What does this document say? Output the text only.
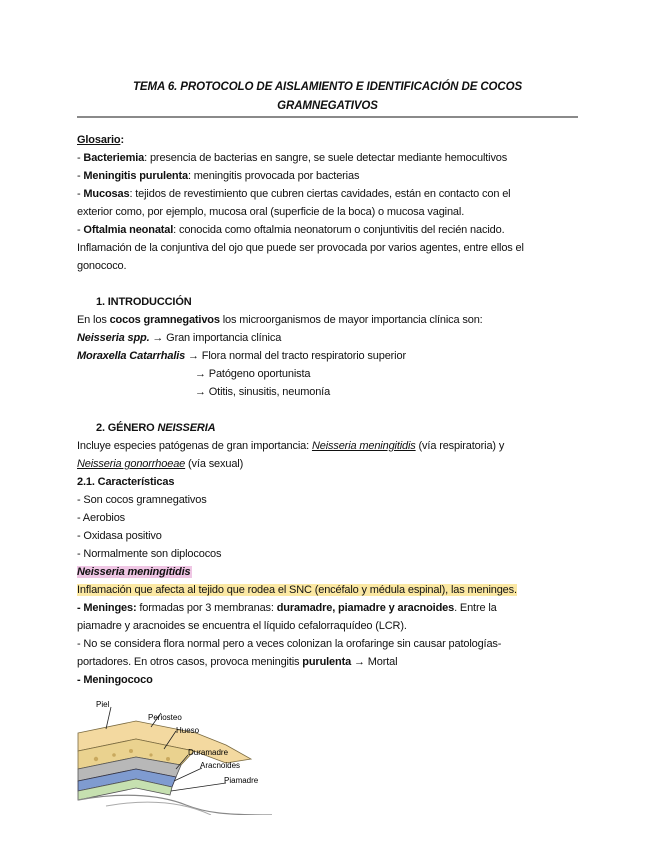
TEMA 6. PROTOCOLO DE AISLAMIENTO E IDENTIFICACIÓN DE COCOS
GRAMNEGATIVOS
Glosario:
- Bacteriemia: presencia de bacterias en sangre, se suele detectar mediante hemocultivos
- Meningitis purulenta: meningitis provocada por bacterias
- Mucosas: tejidos de revestimiento que cubren ciertas cavidades, están en contacto con el
exterior como, por ejemplo, mucosa oral (superficie de la boca) o mucosa vaginal.
- Oftalmia neonatal: conocida como oftalmia neonatorum o conjuntivitis del recién nacido.
Inflamación de la conjuntiva del ojo que puede ser provocada por varios agentes, entre ellos el
gonococo.
1. INTRODUCCIÓN
En los cocos gramnegativos los microorganismos de mayor importancia clínica son:
Neisseria spp. → Gran importancia clínica
Moraxella Catarrhalis → Flora normal del tracto respiratorio superior
→ Patógeno oportunista
→ Otitis, sinusitis, neumonía
2. GÉNERO NEISSERIA
Incluye especies patógenas de gran importancia: Neisseria meningitidis (vía respiratoria) y
Neisseria gonorrhoeae (vía sexual)
2.1. Características
- Son cocos gramnegativos
- Aerobios
- Oxidasa positivo
- Normalmente son diplococos
Neisseria meningitidis
Inflamación que afecta al tejido que rodea el SNC (encéfalo y médula espinal), las meninges.
- Meninges: formadas por 3 membranas: duramadre, piamadre y aracnoides. Entre la
piamadre y aracnoides se encuentra el líquido cefalorraquídeo (LCR).
- No se considera flora normal pero a veces colonizan la orofaringe sin causar patologías-
portadores. En otros casos, provoca meningitis purulenta → Mortal
- Meningococo
Piel
Periosteo
Hueso
Duramadre
Aracnoides
Piamadre
